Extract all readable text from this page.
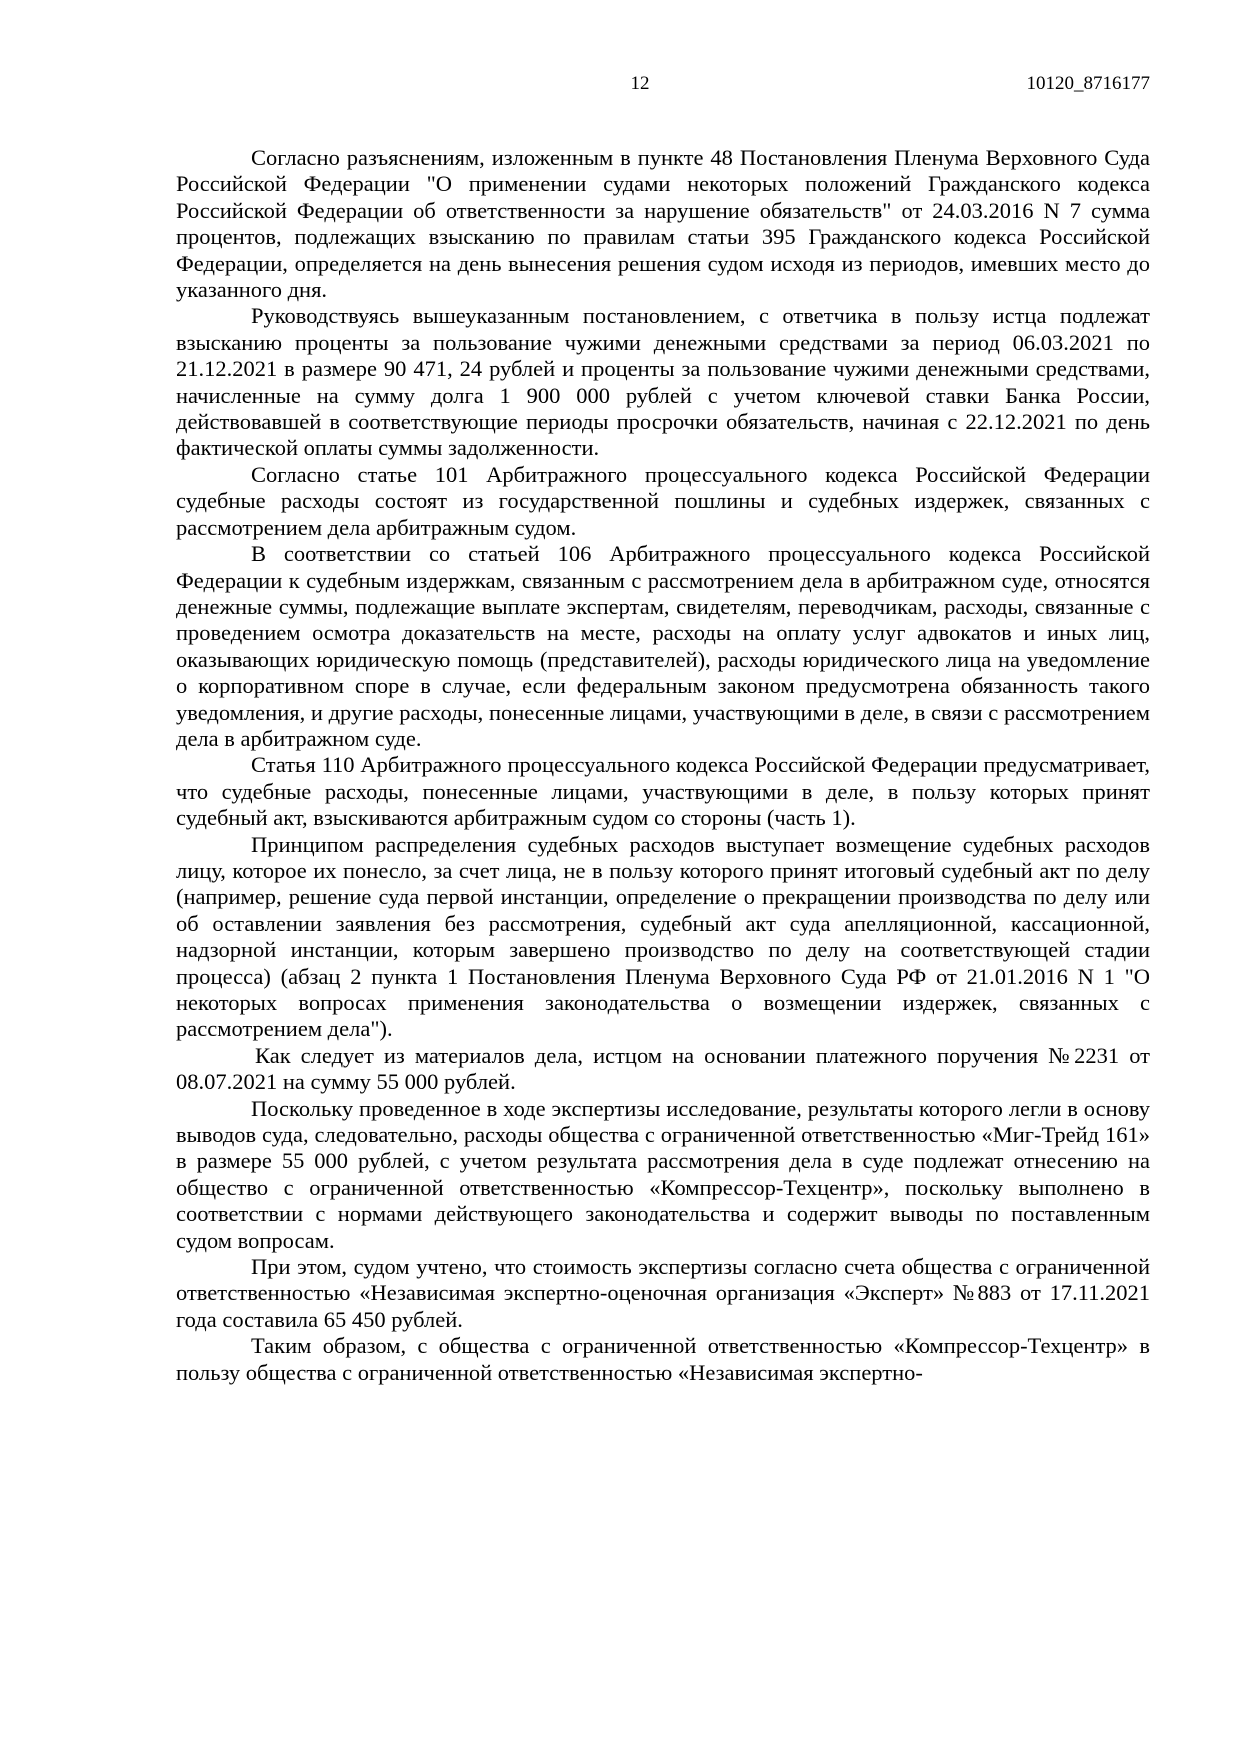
12	10120_8716177

Согласно разъяснениям, изложенным в пункте 48 Постановления Пленума Верховного Суда Российской Федерации "О применении судами некоторых положений Гражданского кодекса Российской Федерации об ответственности за нарушение обязательств" от 24.03.2016 N 7 сумма процентов, подлежащих взысканию по правилам статьи 395 Гражданского кодекса Российской Федерации, определяется на день вынесения решения судом исходя из периодов, имевших место до указанного дня.

Руководствуясь вышеуказанным постановлением, с ответчика в пользу истца подлежат взысканию проценты за пользование чужими денежными средствами за период 06.03.2021 по 21.12.2021 в размере 90 471, 24 рублей и проценты за пользование чужими денежными средствами, начисленные на сумму долга 1 900 000 рублей с учетом ключевой ставки Банка России, действовавшей в соответствующие периоды просрочки обязательств, начиная с 22.12.2021 по день фактической оплаты суммы задолженности.

Согласно статье 101 Арбитражного процессуального кодекса Российской Федерации судебные расходы состоят из государственной пошлины и судебных издержек, связанных с рассмотрением дела арбитражным судом.

В соответствии со статьей 106 Арбитражного процессуального кодекса Российской Федерации к судебным издержкам, связанным с рассмотрением дела в арбитражном суде, относятся денежные суммы, подлежащие выплате экспертам, свидетелям, переводчикам, расходы, связанные с проведением осмотра доказательств на месте, расходы на оплату услуг адвокатов и иных лиц, оказывающих юридическую помощь (представителей), расходы юридического лица на уведомление о корпоративном споре в случае, если федеральным законом предусмотрена обязанность такого уведомления, и другие расходы, понесенные лицами, участвующими в деле, в связи с рассмотрением дела в арбитражном суде.

Статья 110 Арбитражного процессуального кодекса Российской Федерации предусматривает, что судебные расходы, понесенные лицами, участвующими в деле, в пользу которых принят судебный акт, взыскиваются арбитражным судом со стороны (часть 1).

Принципом распределения судебных расходов выступает возмещение судебных расходов лицу, которое их понесло, за счет лица, не в пользу которого принят итоговый судебный акт по делу (например, решение суда первой инстанции, определение о прекращении производства по делу или об оставлении заявления без рассмотрения, судебный акт суда апелляционной, кассационной, надзорной инстанции, которым завершено производство по делу на соответствующей стадии процесса) (абзац 2 пункта 1 Постановления Пленума Верховного Суда РФ от 21.01.2016 N 1 "О некоторых вопросах применения законодательства о возмещении издержек, связанных с рассмотрением дела").

Как следует из материалов дела, истцом на основании платежного поручения №2231 от 08.07.2021 на сумму 55 000 рублей.

Поскольку проведенное в ходе экспертизы исследование, результаты которого легли в основу выводов суда, следовательно, расходы общества с ограниченной ответственностью «Миг-Трейд 161» в размере 55 000 рублей, с учетом результата рассмотрения дела в суде подлежат отнесению на общество с ограниченной ответственностью «Компрессор-Техцентр», поскольку выполнено в соответствии с нормами действующего законодательства и содержит выводы по поставленным судом вопросам.

При этом, судом учтено, что стоимость экспертизы согласно счета общества с ограниченной ответственностью «Независимая экспертно-оценочная организация «Эксперт» №883 от 17.11.2021 года составила 65 450 рублей.

Таким образом, с общества с ограниченной ответственностью «Компрессор-Техцентр» в пользу общества с ограниченной ответственностью «Независимая экспертно-
